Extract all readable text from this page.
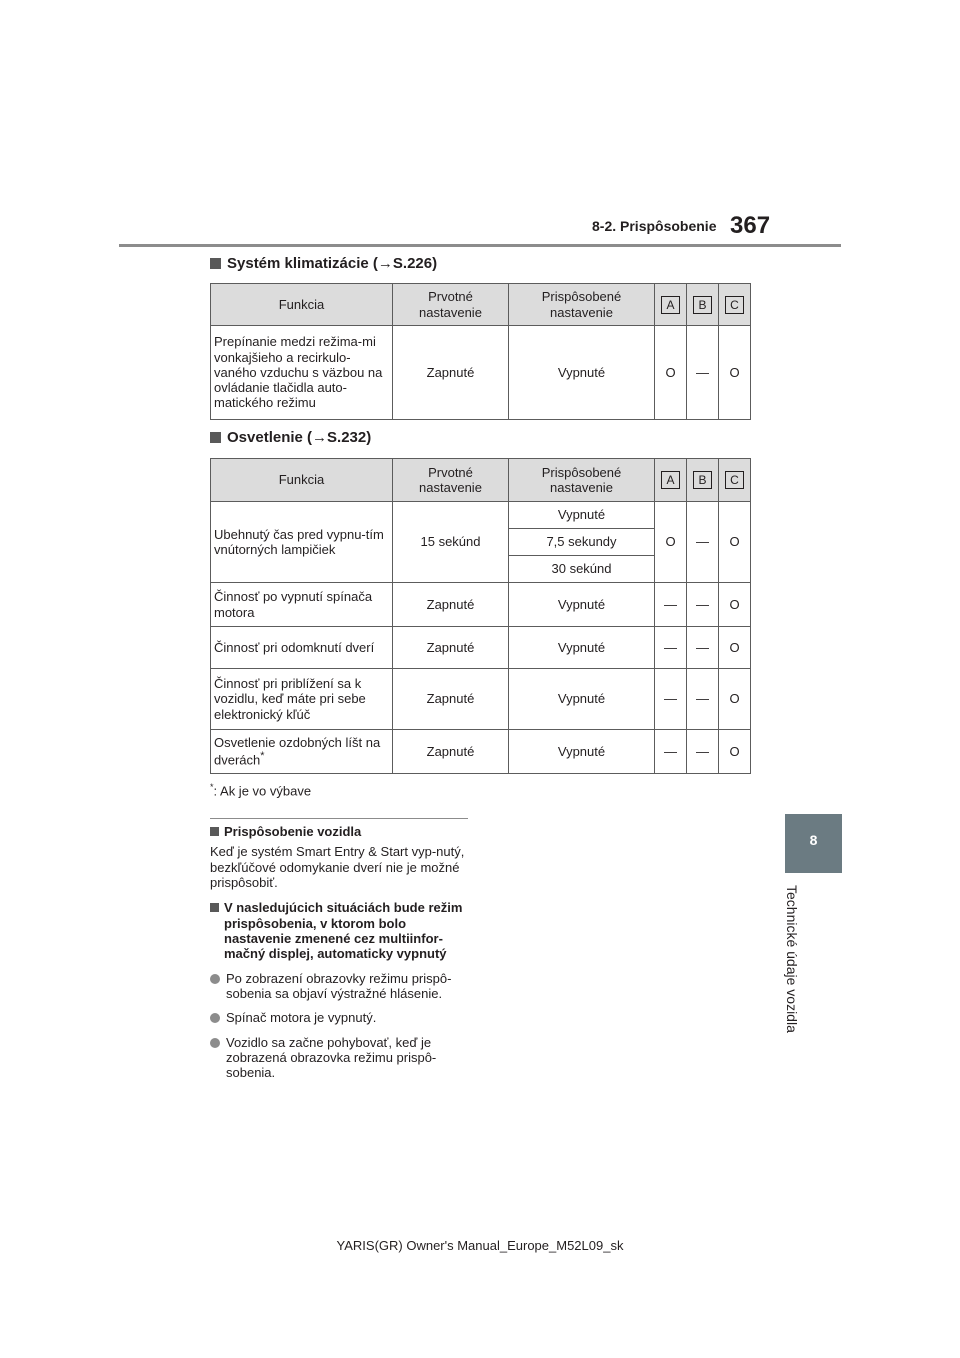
8-2. Prispôsobenie 367
8
Technické údaje vozidla
Systém klimatizácie (→S.226)
Funkcia	Prvotné nastavenie	Prispôsobené nastavenie	A	B	C
Prepínanie medzi režima-mi vonkajšieho a recirkulo-vaného vzduchu s väzbou na ovládanie tlačidla auto-matického režimu	Zapnuté	Vypnuté	O	—	O
Osvetlenie (→S.232)
Funkcia	Prvotné nastavenie	Prispôsobené nastavenie	A	B	C
Ubehnutý čas pred vypnu-tím vnútorných lampičiek	15 sekúnd	Vypnuté	O	—	O
		7,5 sekundy			
		30 sekúnd			
Činnosť po vypnutí spínača motora	Zapnuté	Vypnuté	—	—	O
Činnosť pri odomknutí dverí	Zapnuté	Vypnuté	—	—	O
Činnosť pri priblížení sa k vozidlu, keď máte pri sebe elektronický kľúč	Zapnuté	Vypnuté	—	—	O
Osvetlenie ozdobných líšt na dverách*	Zapnuté	Vypnuté	—	—	O
*: Ak je vo výbave
Prispôsobenie vozidla
Keď je systém Smart Entry & Start vyp-nutý, bezkľúčové odomykanie dverí nie je možné prispôsobiť.
V nasledujúcich situáciách bude režim prispôsobenia, v ktorom bolo nastavenie zmenené cez multiinfor-mačný displej, automaticky vypnutý
Po zobrazení obrazovky režimu prispô-sobenia sa objaví výstražné hlásenie.
Spínač motora je vypnutý.
Vozidlo sa začne pohybovať, keď je zobrazená obrazovka režimu prispô-sobenia.
YARIS(GR) Owner's Manual_Europe_M52L09_sk
